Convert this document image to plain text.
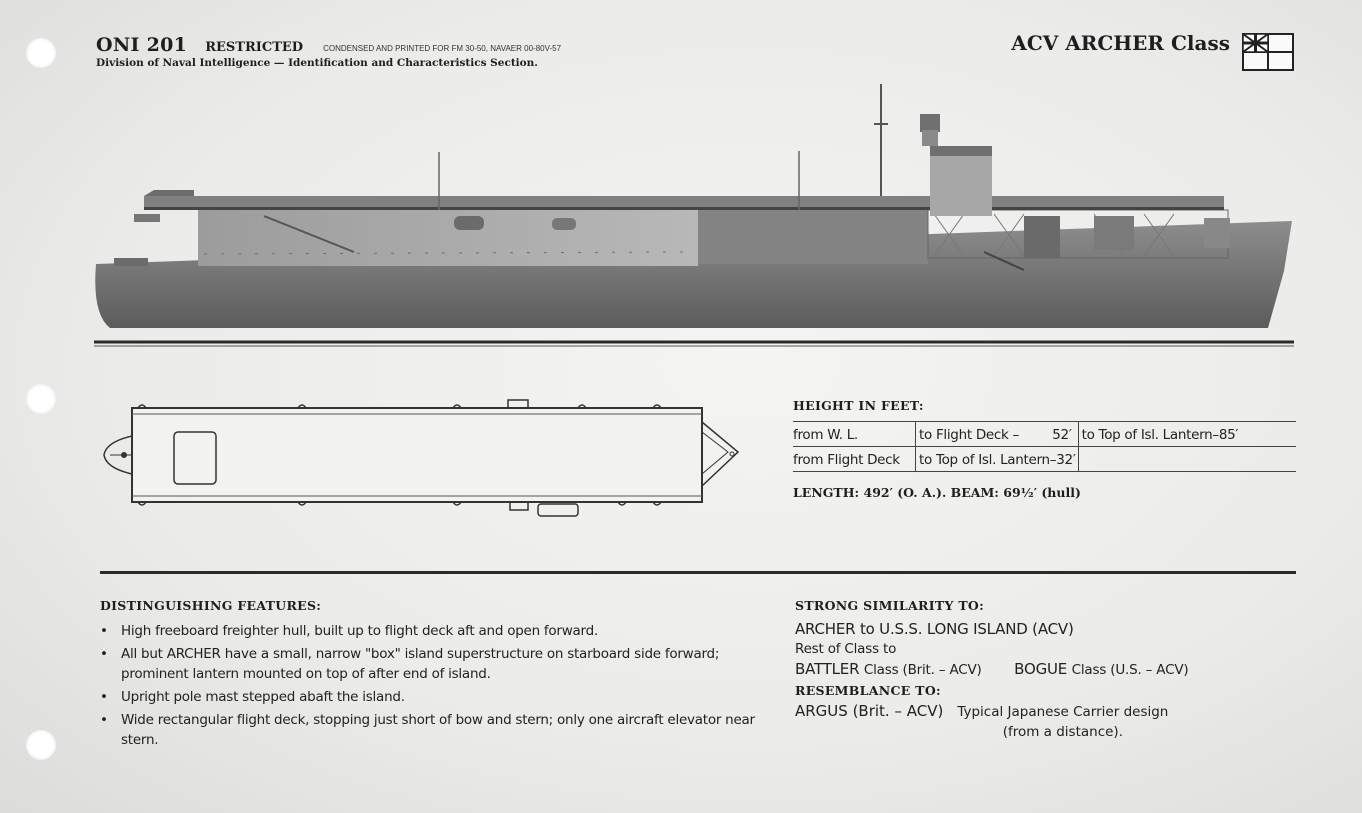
ONI 201 RESTRICTED	CONDENSED AND PRINTED FOR FM 30-50, NAVAER 00-80V-57
Division of Naval Intelligence — Identification and Characteristics Section.
ACV ARCHER Class
HEIGHT IN FEET:
from W. L.	to Flight Deck – 52′	to Top of Isl. Lantern–85′
from Flight Deck	to Top of Isl. Lantern–32′	
LENGTH: 492′ (O. A.). BEAM: 69½′ (hull)
DISTINGUISHING FEATURES:
• High freeboard freighter hull, built up to flight deck aft and open forward.
• All but ARCHER have a small, narrow "box" island superstructure on starboard side forward; prominent lantern mounted on top of after end of island.
• Upright pole mast stepped abaft the island.
• Wide rectangular flight deck, stopping just short of bow and stern; only one aircraft elevator near stern.
STRONG SIMILARITY TO:
ARCHER to U.S.S. LONG ISLAND (ACV)
Rest of Class to
BATTLER Class (Brit. – ACV) BOGUE Class (U.S. – ACV)
RESEMBLANCE TO:
ARGUS (Brit. – ACV) Typical Japanese Carrier design
(from a distance).
